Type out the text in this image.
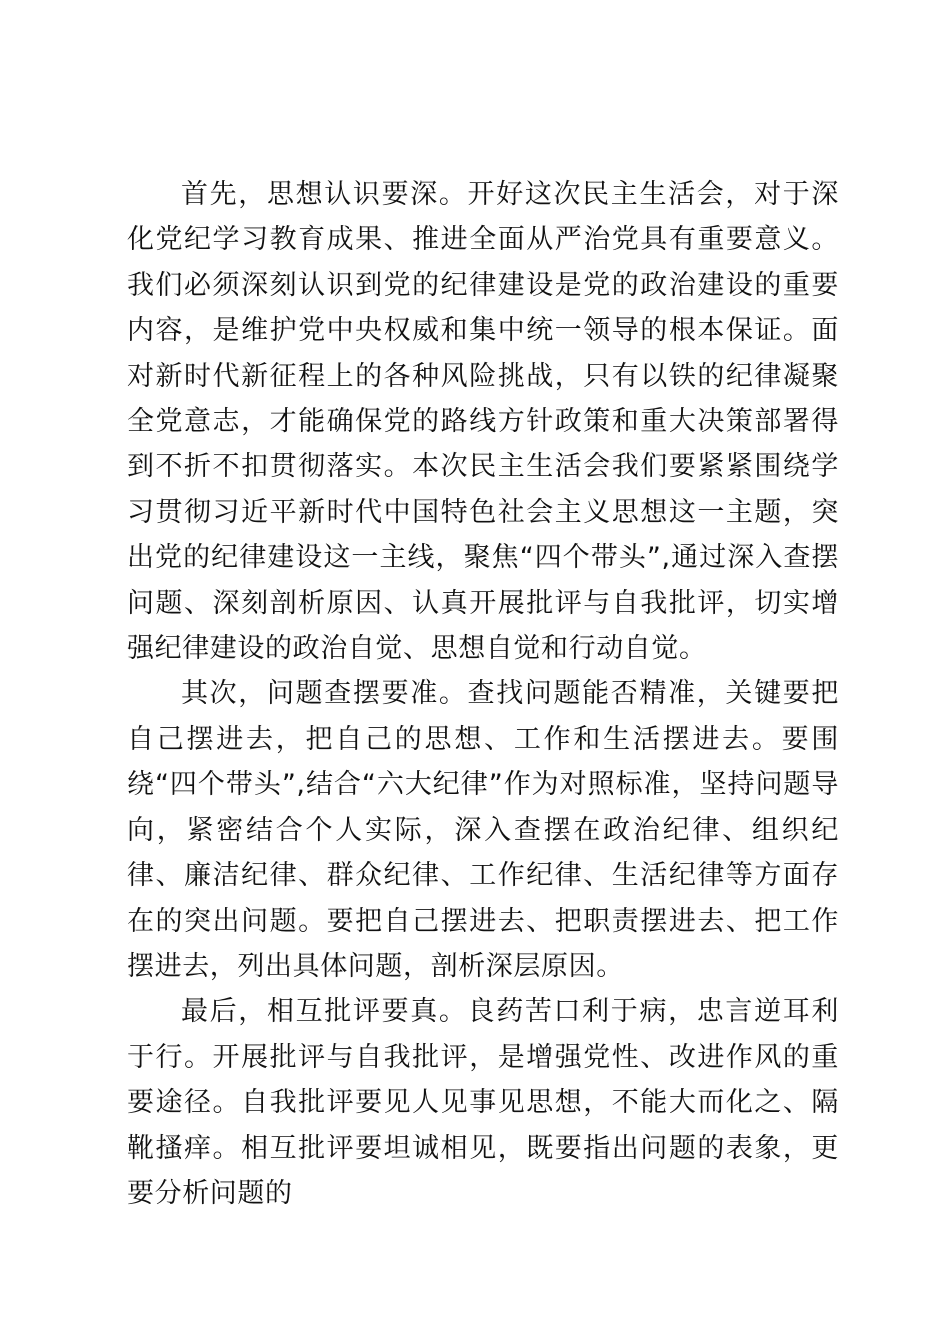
首先，思想认识要深。开好这次民主生活会，对于深化党纪学习教育成果、推进全面从严治党具有重要意义。我们必须深刻认识到党的纪律建设是党的政治建设的重要内容，是维护党中央权威和集中统一领导的根本保证。面对新时代新征程上的各种风险挑战，只有以铁的纪律凝聚全党意志，才能确保党的路线方针政策和重大决策部署得到不折不扣贯彻落实。本次民主生活会我们要紧紧围绕学习贯彻习近平新时代中国特色社会主义思想这一主题，突出党的纪律建设这一主线，聚焦“四个带头”,通过深入查摆问题、深刻剖析原因、认真开展批评与自我批评，切实增强纪律建设的政治自觉、思想自觉和行动自觉。

其次，问题查摆要准。查找问题能否精准，关键要把自己摆进去，把自己的思想、工作和生活摆进去。要围绕“四个带头”,结合“六大纪律”作为对照标准，坚持问题导向，紧密结合个人实际，深入查摆在政治纪律、组织纪律、廉洁纪律、群众纪律、工作纪律、生活纪律等方面存在的突出问题。要把自己摆进去、把职责摆进去、把工作摆进去，列出具体问题，剖析深层原因。

最后，相互批评要真。良药苦口利于病，忠言逆耳利于行。开展批评与自我批评，是增强党性、改进作风的重要途径。自我批评要见人见事见思想，不能大而化之、隔靴搔痒。相互批评要坦诚相见，既要指出问题的表象，更要分析问题的
